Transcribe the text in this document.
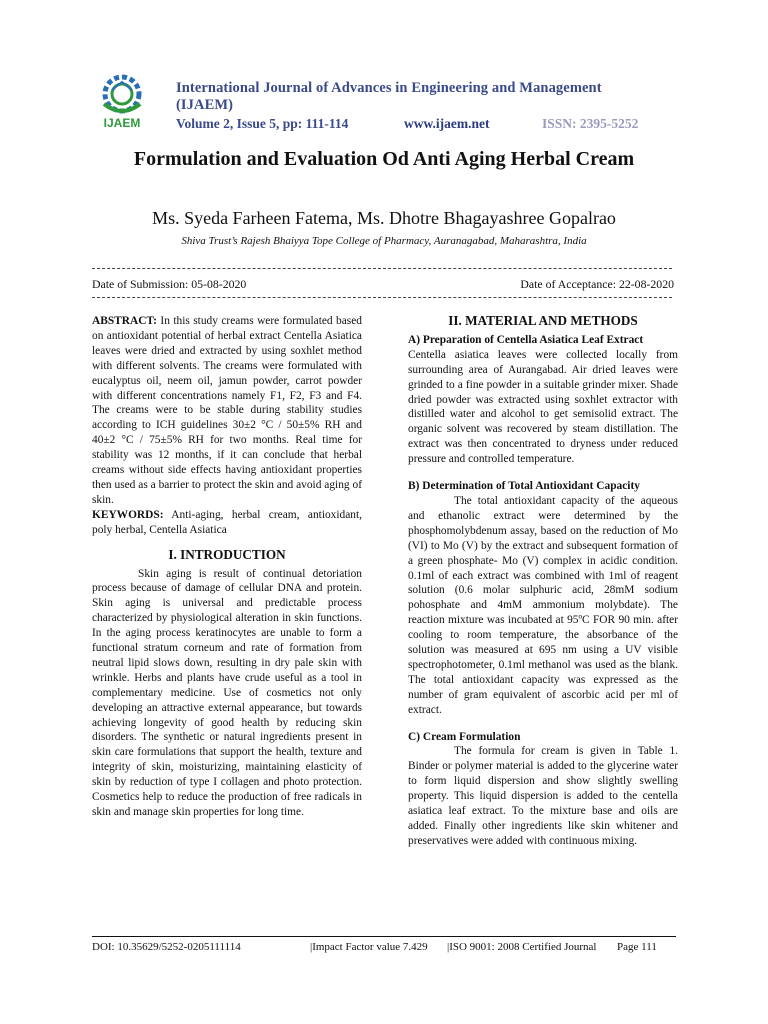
IJAEM
International Journal of Advances in Engineering and Management (IJAEM)
Volume 2, Issue 5, pp: 111-114	www.ijaem.net	ISSN: 2395-5252
Formulation and Evaluation Od Anti Aging Herbal Cream
Ms. Syeda Farheen Fatema, Ms. Dhotre Bhagayashree Gopalrao
Shiva Trust’s Rajesh Bhaiyya Tope College of Pharmacy, Auranagabad, Maharashtra, India
Date of Submission: 05-08-2020	Date of Acceptance: 22-08-2020

ABSTRACT: In this study creams were formulated based on antioxidant potential of herbal extract Centella Asiatica leaves were dried and extracted by using soxhlet method with different solvents. The creams were formulated with eucalyptus oil, neem oil, jamun powder, carrot powder with different concentrations namely F1, F2, F3 and F4. The creams were to be stable during stability studies according to ICH guidelines 30±2 °C / 50±5% RH and 40±2 °C / 75±5% RH for two months. Real time for stability was 12 months, if it can conclude that herbal creams without side effects having antioxidant properties then used as a barrier to protect the skin and avoid aging of skin.

KEYWORDS: Anti-aging, herbal cream, antioxidant, poly herbal, Centella Asiatica

I. INTRODUCTION

Skin aging is result of continual detoriation process because of damage of cellular DNA and protein. Skin aging is universal and predictable process characterized by physiological alteration in skin functions. In the aging process keratinocytes are unable to form a functional stratum corneum and rate of formation from neutral lipid slows down, resulting in dry pale skin with wrinkle. Herbs and plants have crude useful as a tool in complementary medicine. Use of cosmetics not only developing an attractive external appearance, but towards achieving longevity of good health by reducing skin disorders. The synthetic or natural ingredients present in skin care formulations that support the health, texture and integrity of skin, moisturizing, maintaining elasticity of skin by reduction of type I collagen and photo protection. Cosmetics help to reduce the production of free radicals in skin and manage skin properties for long time.

II. MATERIAL AND METHODS
A) Preparation of Centella Asiatica Leaf Extract

Centella asiatica leaves were collected locally from surrounding area of Aurangabad. Air dried leaves were grinded to a fine powder in a suitable grinder mixer. Shade dried powder was extracted using soxhlet extractor with distilled water and alcohol to get semisolid extract. The organic solvent was recovered by steam distillation. The extract was then concentrated to dryness under reduced pressure and controlled temperature.

B) Determination of Total Antioxidant Capacity

The total antioxidant capacity of the aqueous and ethanolic extract were determined by the phosphomolybdenum assay, based on the reduction of Mo (VI) to Mo (V) by the extract and subsequent formation of a green phosphate- Mo (V) complex in acidic condition. 0.1ml of each extract was combined with 1ml of reagent solution (0.6 molar sulphuric acid, 28mM sodium pohosphate and 4mM ammonium molybdate). The reaction mixture was incubated at 95ºC FOR 90 min. after cooling to room temperature, the absorbance of the solution was measured at 695 nm using a UV visible spectrophotometer, 0.1ml methanol was used as the blank. The total antioxidant capacity was expressed as the number of gram equivalent of ascorbic acid per ml of extract.

C) Cream Formulation

The formula for cream is given in Table 1. Binder or polymer material is added to the glycerine water to form liquid dispersion and show slightly swelling property. This liquid dispersion is added to the centella asiatica leaf extract. To the mixture base and oils are added. Finally other ingredients like skin whitener and preservatives were added with continuous mixing.

DOI: 10.35629/5252-0205111114	|Impact Factor value 7.429	|ISO 9001: 2008 Certified Journal	Page 111
